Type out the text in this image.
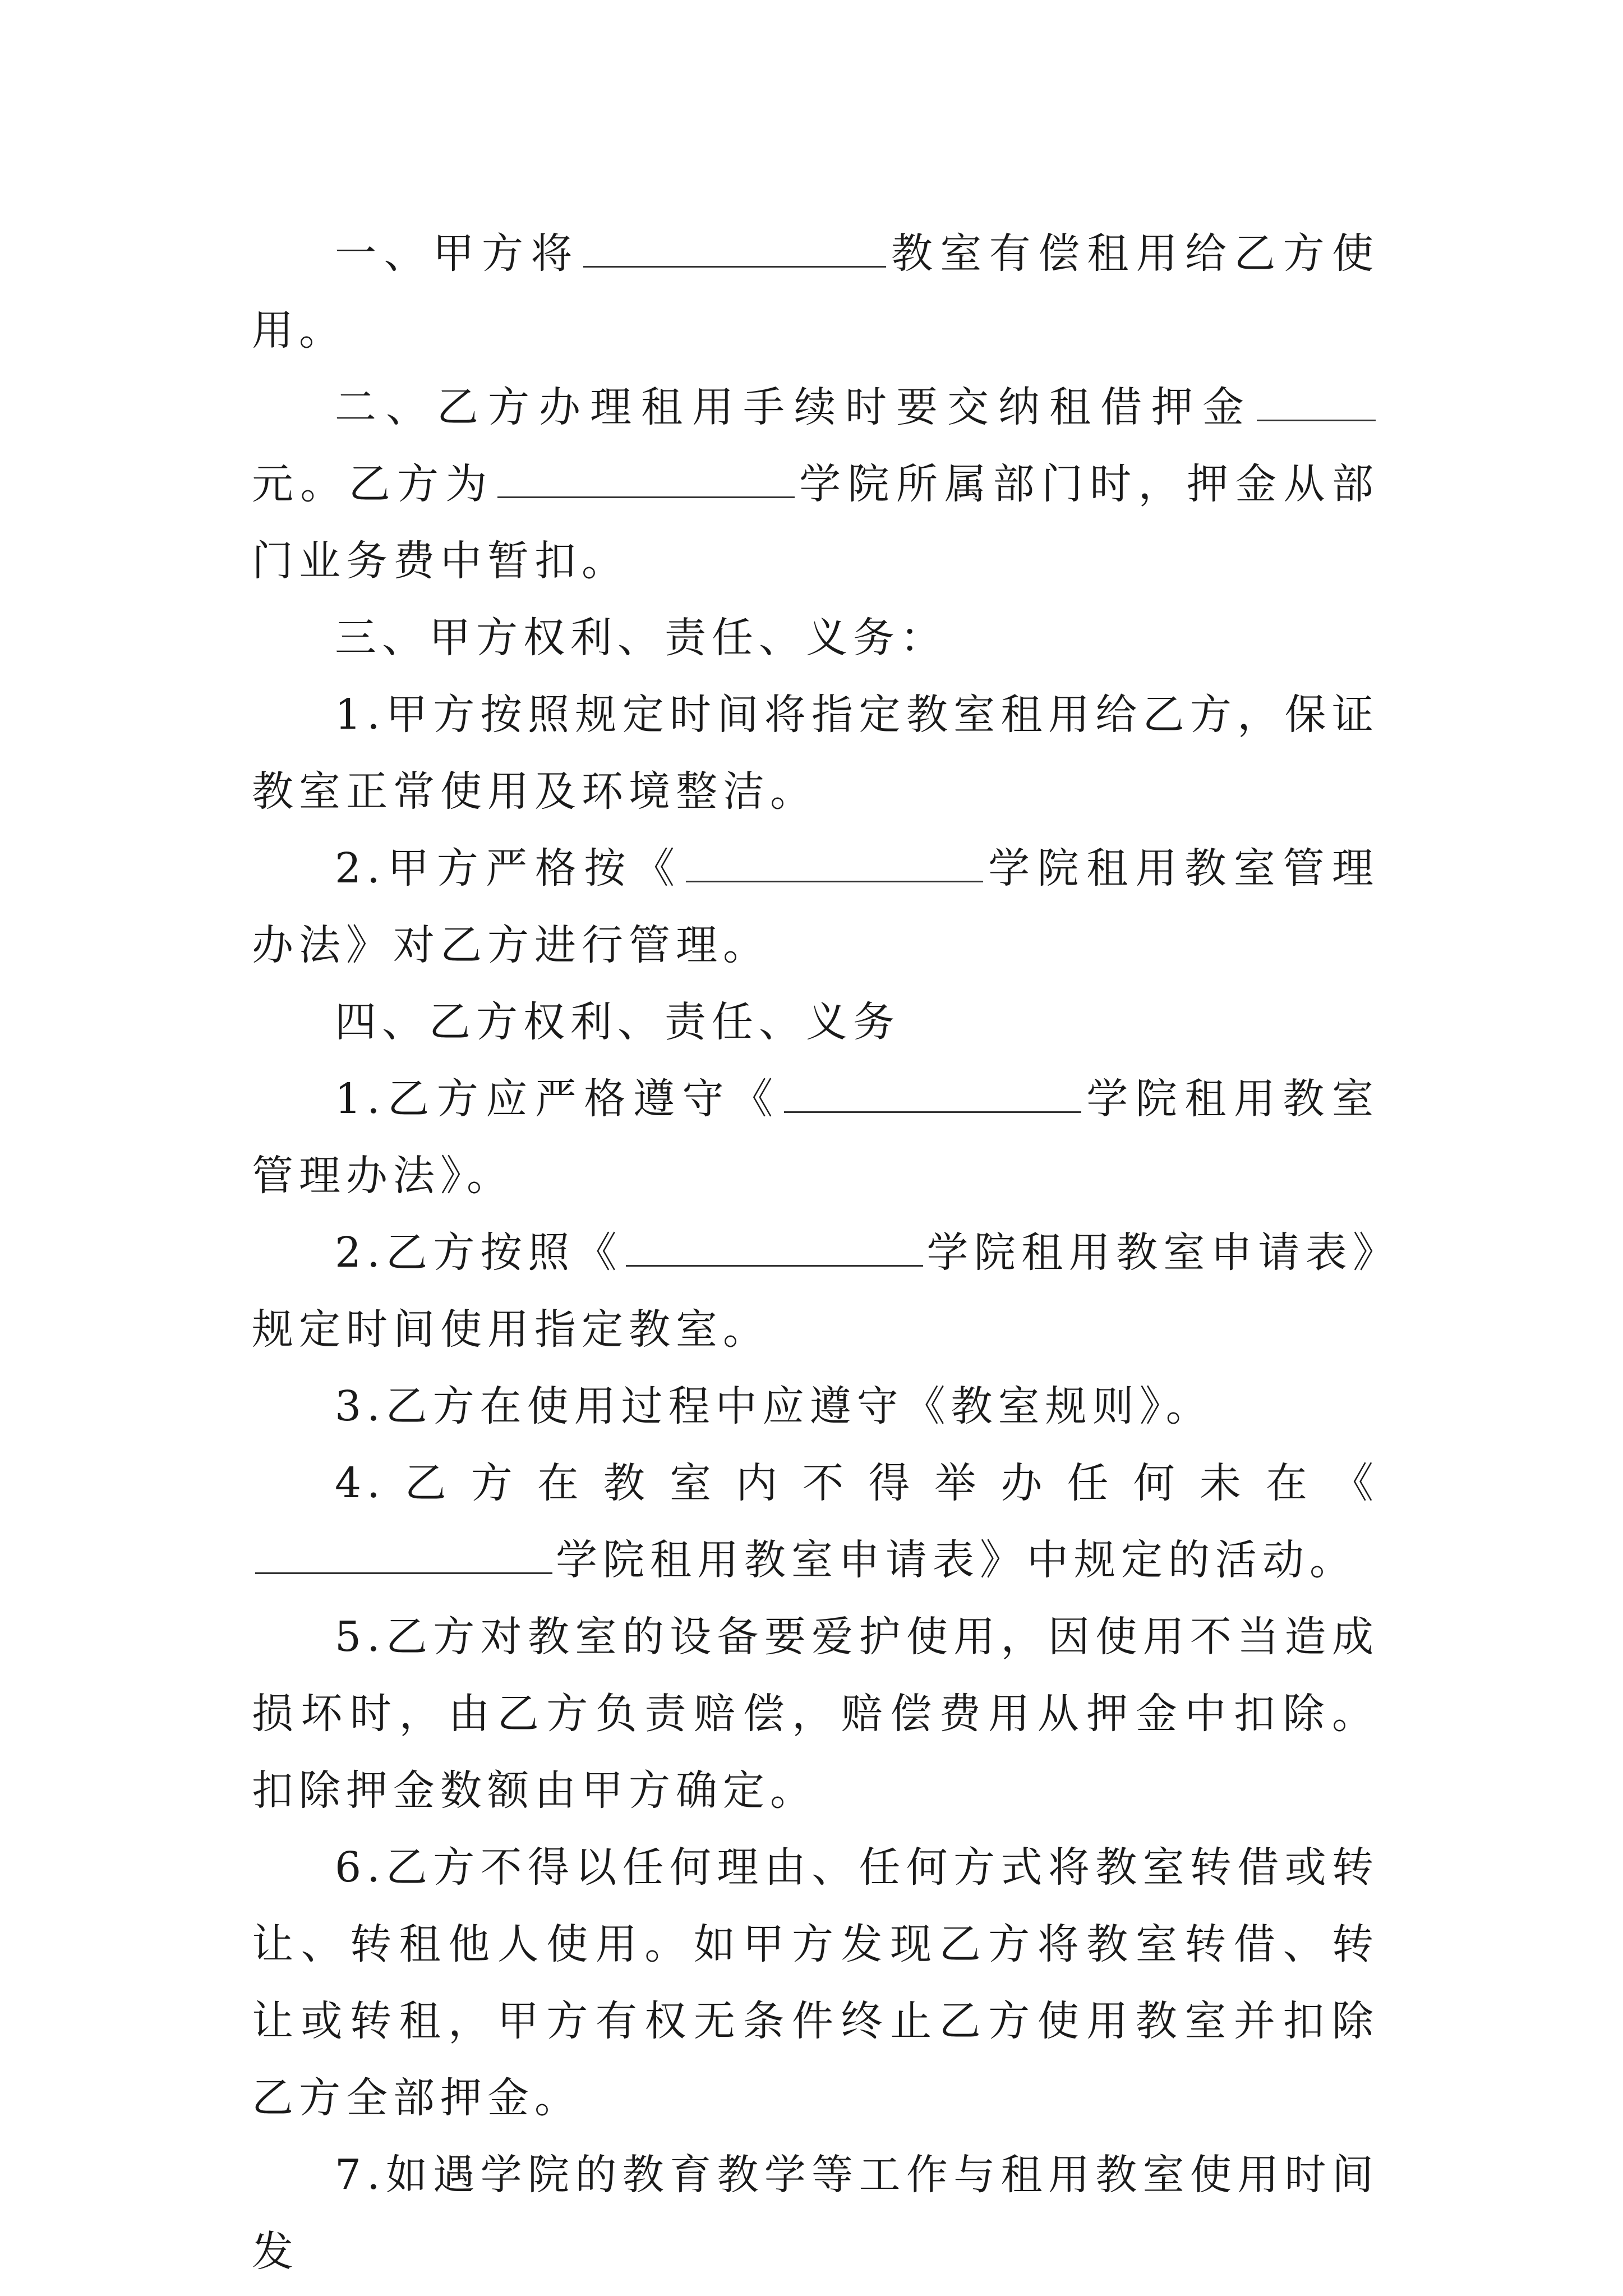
一、甲方将	教室有偿租用给乙方使用。

二、乙方办理租用手续时要交纳租借押金元。乙方为	学院所属部门时，押金从部门业务费中暂扣。

三、甲方权利、责任、义务：

1.甲方按照规定时间将指定教室租用给乙方，保证教室正常使用及环境整洁。

2.甲方严格按《	学院租用教室管理办法》对乙方进行管理。

四、乙方权利、责任、义务

1.乙方应严格遵守《	学院租用教室管理办法》。

2.乙方按照《	学院租用教室申请表》规定时间使用指定教室。

3.乙方在使用过程中应遵守《教室规则》。

4.乙方在教室内不得举办任何未在《学院租用教室申请表》中规定的活动。

5.乙方对教室的设备要爱护使用，因使用不当造成损坏时，由乙方负责赔偿，赔偿费用从押金中扣除。扣除押金数额由甲方确定。

6.乙方不得以任何理由、任何方式将教室转借或转让、转租他人使用。如甲方发现乙方将教室转借、转让或转租，甲方有权无条件终止乙方使用教室并扣除乙方全部押金。

7.如遇学院的教育教学等工作与租用教室使用时间发
